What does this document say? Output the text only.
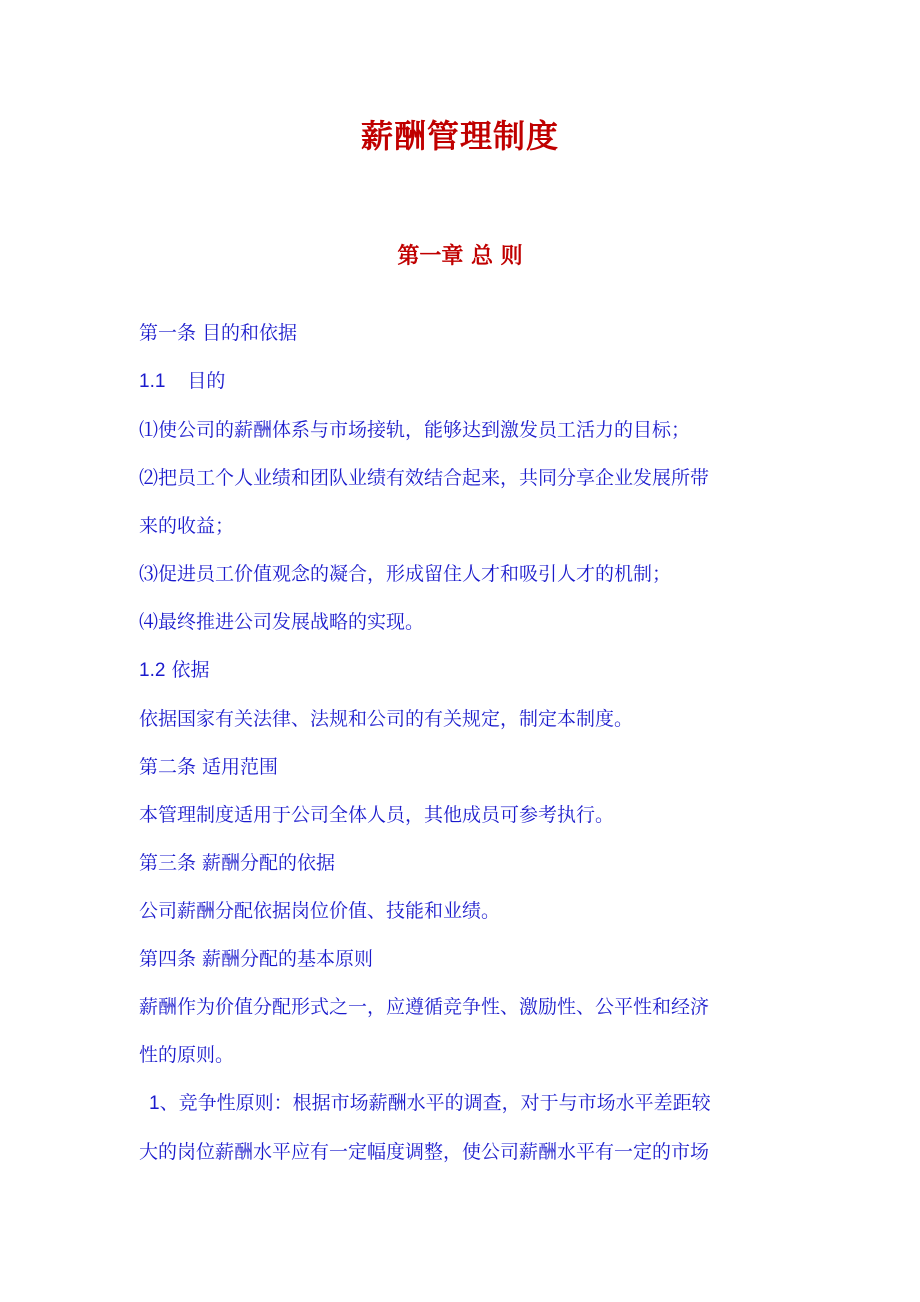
薪酬管理制度
第一章 总 则

第一条 目的和依据

1.1 目的

⑴使公司的薪酬体系与市场接轨，能够达到激发员工活力的目标；

⑵把员工个人业绩和团队业绩有效结合起来，共同分享企业发展所带

来的收益；

⑶促进员工价值观念的凝合，形成留住人才和吸引人才的机制；

⑷最终推进公司发展战略的实现。

1.2 依据

依据国家有关法律、法规和公司的有关规定，制定本制度。

第二条 适用范围

本管理制度适用于公司全体人员，其他成员可参考执行。

第三条 薪酬分配的依据

公司薪酬分配依据岗位价值、技能和业绩。

第四条 薪酬分配的基本原则

薪酬作为价值分配形式之一，应遵循竞争性、激励性、公平性和经济

性的原则。

1、竞争性原则：根据市场薪酬水平的调查，对于与市场水平差距较

大的岗位薪酬水平应有一定幅度调整，使公司薪酬水平有一定的市场
